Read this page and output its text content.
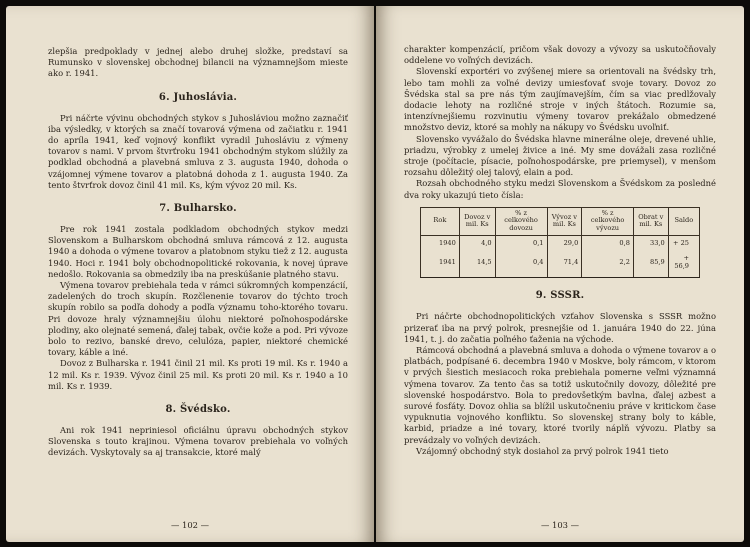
zlepšia predpoklady v jednej alebo druhej složke, predstaví sa Rumunsko v slovenskej obchodnej bilancii na významnejšom mieste ako r. 1941.

6. Juhoslávia.

Pri náčrte vývinu obchodných stykov s Juhosláviou možno zaznačiť iba výsledky, v ktorých sa značí tovarová výmena od začiatku r. 1941 do apríla 1941, keď vojnový konflikt vyradil Juhosláviu z výmeny tovarov s nami. V prvom štvrťroku 1941 obchodným stykom slúžily za podklad obchodná a plavebná smluva z 3. augusta 1940, dohoda o vzájomnej výmene tovarov a platobná dohoda z 1. augusta 1940. Za tento štvrťrok dovoz činil 41 mil. Ks, kým vývoz 20 mil. Ks.

7. Bulharsko.

Pre rok 1941 zostala podkladom obchodných stykov medzi Slovenskom a Bulharskom obchodná smluva rámcová z 12. augusta 1940 a dohoda o výmene tovarov a platobnom styku tiež z 12. augusta 1940. Hoci r. 1941 boly obchodnopolitické rokovania, k novej úprave nedošlo. Rokovania sa obmedzily iba na preskúšanie platného stavu.

Výmena tovarov prebiehala teda v rámci súkromných kompenzácií, zadelených do troch skupín. Rozčlenenie tovarov do týchto troch skupín robilo sa podľa dohody a podľa významu toho-ktorého tovaru. Pri dovoze hraly významnejšiu úlohu niektoré poľnohospodárske plodiny, ako olejnaté semená, ďalej tabak, ovčie kože a pod. Pri vývoze bolo to rezivo, banské drevo, celulóza, papier, niektoré chemické tovary, káble a iné.

Dovoz z Bulharska r. 1941 činil 21 mil. Ks proti 19 mil. Ks r. 1940 a 12 mil. Ks r. 1939. Vývoz činil 25 mil. Ks proti 20 mil. Ks r. 1940 a 10 mil. Ks r. 1939.

8. Švédsko.

Ani rok 1941 nepriniesol oficiálnu úpravu obchodných stykov Slovenska s touto krajinou. Výmena tovarov prebiehala vo voľných devizách. Vyskytovaly sa aj transakcie, ktoré malý

— 102 —

charakter kompenzácií, pričom však dovozy a vývozy sa uskutočňovaly oddelene vo voľných devizách.

Slovenskí exportéri vo zvýšenej miere sa orientovali na švédsky trh, lebo tam mohli za voľné devizy umiesťovať svoje tovary. Dovoz zo Švédska stal sa pre nás tým zaujímavejším, čím sa viac predlžovaly dodacie lehoty na rozličné stroje v iných štátoch. Rozumie sa, intenzívnejšiemu rozvinutiu výmeny tovarov prekážalo obmedzené množstvo deviz, ktoré sa mohly na nákupy vo Švédsku uvoľniť.

Slovensko vyvážalo do Švédska hlavne minerálne oleje, drevené uhlie, priadzu, výrobky z umelej živice a iné. My sme dovážali zasa rozličné stroje (počítacie, písacie, poľnohospodárske, pre priemysel), v menšom rozsahu dôležitý olej talový, elain a pod.

Rozsah obchodného styku medzi Slovenskom a Švédskom za posledné dva roky ukazujú tieto čísla:

Rok	Dovoz v mil. Ks	% z celkového dovozu	Vývoz v mil. Ks	% z celkového vývozu	Obrat v mil. Ks	Saldo
1940	4,0	0,1	29,0	0,8	33,0	+ 25
1941	14,5	0,4	71,4	2,2	85,9	+ 56,9
9. SSSR.

Pri náčrte obchodnopolitických vzťahov Slovenska s SSSR možno prizerať iba na prvý polrok, presnejšie od 1. januára 1940 do 22. júna 1941, t. j. do začatia poľného ťaženia na východe.

Rámcová obchodná a plavebná smluva a dohoda o výmene tovarov a o platbách, podpísané 6. decembra 1940 v Moskve, boly rámcom, v ktorom v prvých šiestich mesiacoch roka prebiehala pomerne veľmi významná výmena tovarov. Za tento čas sa totiž uskutočnily dovozy, dôležité pre slovenské hospodárstvo. Bola to predovšetkým bavlna, ďalej azbest a surové fosfáty. Dovoz ohlia sa blížil uskutočneniu práve v kritickom čase vypuknutia vojnového konfliktu. So slovenskej strany boly to káble, karbid, priadze a iné tovary, ktoré tvorily náplň vývozu. Platby sa prevádzaly vo voľných devizách.

Vzájomný obchodný styk dosiahol za prvý polrok 1941 tieto

— 103 —
